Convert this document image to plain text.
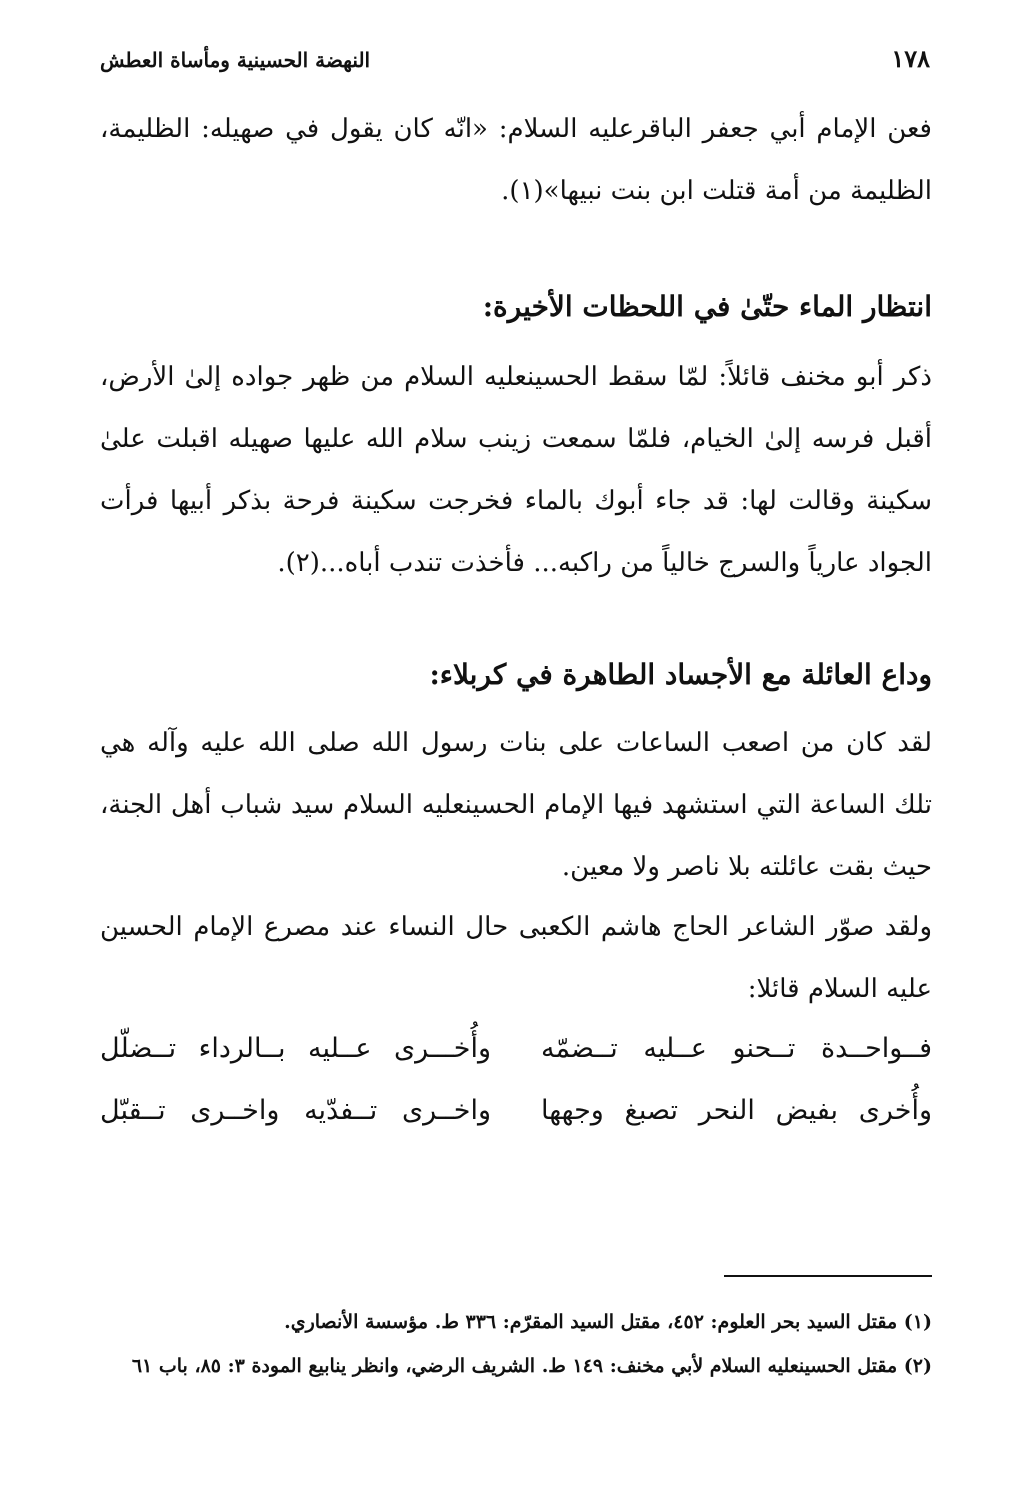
١٧٨
النهضة الحسينية ومأساة العطش
فعن الإمام أبي جعفر الباقرعليه السلام: «انّه كان يقول في صهيله: الظليمة، الظليمة من أمة قتلت ابن بنت نبيها»(١).
انتظار الماء حتّىٰ في اللحظات الأخيرة:
ذكر أبو مخنف قائلاً: لمّا سقط الحسينعليه السلام من ظهر جواده إلىٰ الأرض، أقبل فرسه إلىٰ الخيام، فلمّا سمعت زينب سلام الله عليها صهيله اقبلت علىٰ سكينة وقالت لها: قد جاء أبوك بالماء فخرجت سكينة فرحة بذكر أبيها فرأت الجواد عارياً والسرج خالياً من راكبه... فأخذت تندب أباه...(٢).
وداع العائلة مع الأجساد الطاهرة في كربلاء:
لقد كان من اصعب الساعات على بنات رسول الله صلى الله عليه وآله هي تلك الساعة التي استشهد فيها الإمام الحسينعليه السلام سيد شباب أهل الجنة، حيث بقت عائلته بلا ناصر ولا معين.
ولقد صوّر الشاعر الحاج هاشم الكعبى حال النساء عند مصرع الإمام الحسين عليه السلام قائلا:
فــواحــدة تــحنو عــليه تــضمّه
وأُخـــرى عــليه بــالرداء تــضلّل
وأُخرى بفيض النحر تصبغ وجهها
واخــرى تــفدّيه واخــرى تــقبّل
(١) مقتل السيد بحر العلوم: ٤٥٢، مقتل السيد المقرّم: ٣٣٦ ط. مؤسسة الأنصاري.
(٢) مقتل الحسينعليه السلام لأبي مخنف: ١٤٩ ط. الشريف الرضي، وانظر ينابيع المودة ٣: ٨٥، باب ٦١
